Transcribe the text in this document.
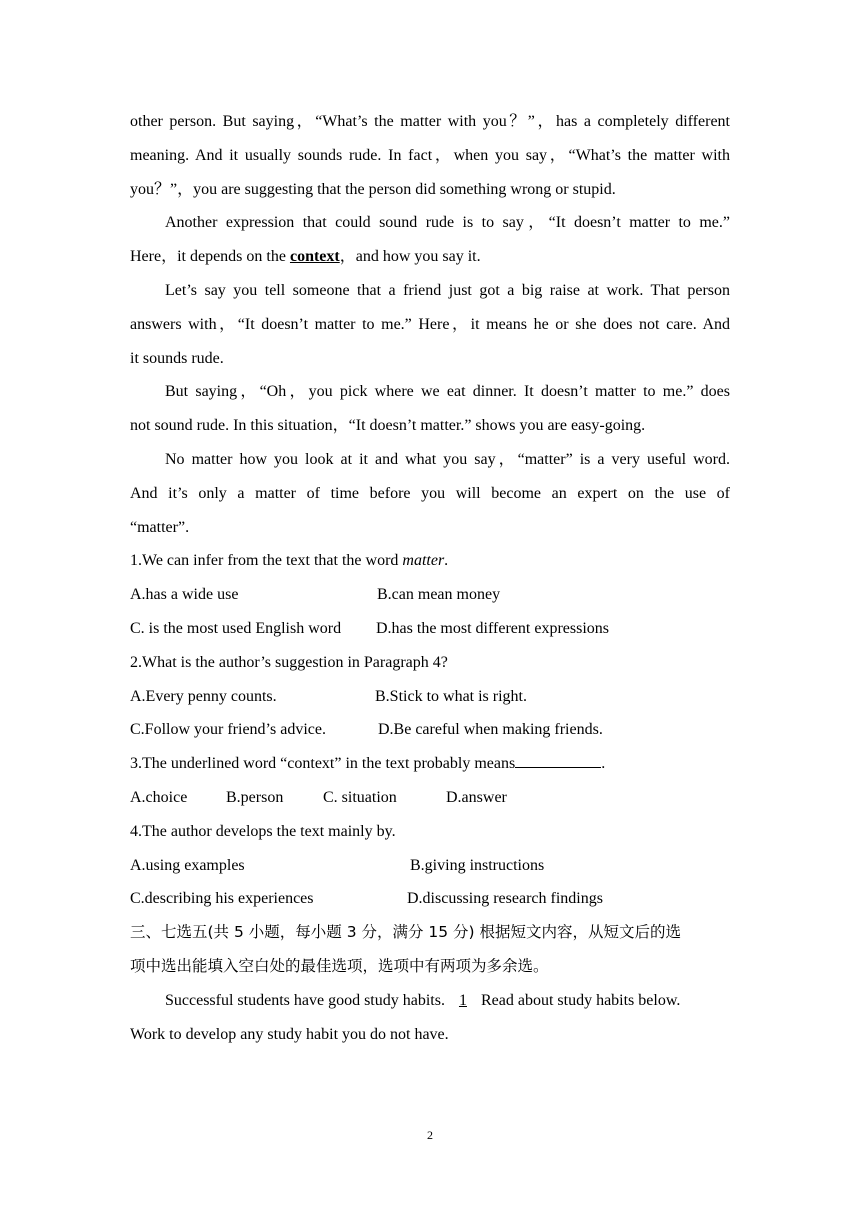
other person. But saying，“What’s the matter with you？”，has a completely different
meaning. And it usually sounds rude. In fact，when you say，“What’s the matter with
you？”，you are suggesting that the person did something wrong or stupid.
Another expression that could sound rude is to say，“It doesn’t matter to me.”
Here，it depends on the context，and how you say it.
Let’s say you tell someone that a friend just got a big raise at work. That person
answers with，“It doesn’t matter to me.” Here，it means he or she does not care. And
it sounds rude.
But saying，“Oh，you pick where we eat dinner. It doesn’t matter to me.” does
not sound rude. In this situation，“It doesn’t matter.” shows you are easy-going.
No matter how you look at it and what you say，“matter” is a very useful word.
And it’s only a matter of time before you will become an expert on the use of
“matter”.
1.We can infer from the text that the word matter.
A.has a wide use	B.can mean money
C. is the most used English word	D.has the most different expressions
2.What is the author’s suggestion in Paragraph 4?
A.Every penny counts.	B.Stick to what is right.
C.Follow your friend’s advice.	D.Be careful when making friends.
3.The underlined word “context” in the text probably means	.
A.choice	B.person	C. situation	D.answer
4.The author develops the text mainly by.
A.using examples	B.giving instructions
C.describing his experiences	D.discussing research findings
三、七选五(共 5 小题，每小题 3 分，满分 15 分) 根据短文内容，从短文后的选
项中选出能填入空白处的最佳选项，选项中有两项为多余选。
Successful students have good study habits. 1 Read about study habits below.
Work to develop any study habit you do not have.
2
